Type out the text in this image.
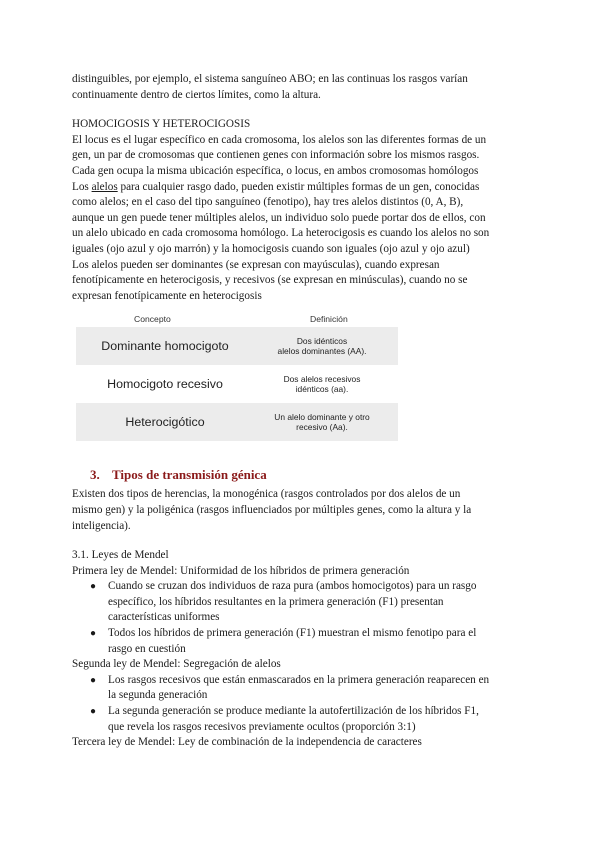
distinguibles, por ejemplo, el sistema sanguíneo ABO; en las continuas los rasgos varían

continuamente dentro de ciertos límites, como la altura.

HOMOCIGOSIS Y HETEROCIGOSIS

El locus es el lugar específico en cada cromosoma, los alelos son las diferentes formas de un

gen, un par de cromosomas que contienen genes con información sobre los mismos rasgos.

Cada gen ocupa la misma ubicación específica, o locus, en ambos cromosomas homólogos

Los alelos para cualquier rasgo dado, pueden existir múltiples formas de un gen, conocidas

como alelos; en el caso del tipo sanguíneo (fenotipo), hay tres alelos distintos (0, A, B),

aunque un gen puede tener múltiples alelos, un individuo solo puede portar dos de ellos, con

un alelo ubicado en cada cromosoma homólogo. La heterocigosis es cuando los alelos no son

iguales (ojo azul y ojo marrón) y la homocigosis cuando son iguales (ojo azul y ojo azul)

Los alelos pueden ser dominantes (se expresan con mayúsculas), cuando expresan

fenotípicamente en heterocigosis, y recesivos (se expresan en minúsculas), cuando no se

expresan fenotípicamente en heterocigosis

Concepto	Definición
Dominante homocigoto	Dos idénticos
alelos dominantes (AA).
Homocigoto recesivo	Dos alelos recesivos
idénticos (aa).
Heterocigótico	Un alelo dominante y otro
recesivo (Aa).
3. Tipos de transmisión génica

Existen dos tipos de herencias, la monogénica (rasgos controlados por dos alelos de un

mismo gen) y la poligénica (rasgos influenciados por múltiples genes, como la altura y la

inteligencia).

3.1. Leyes de Mendel

Primera ley de Mendel: Uniformidad de los híbridos de primera generación

● Cuando se cruzan dos individuos de raza pura (ambos homocigotos) para un rasgo
específico, los híbridos resultantes en la primera generación (F1) presentan
características uniformes
● Todos los híbridos de primera generación (F1) muestran el mismo fenotipo para el
rasgo en cuestión

Segunda ley de Mendel: Segregación de alelos

● Los rasgos recesivos que están enmascarados en la primera generación reaparecen en
la segunda generación
● La segunda generación se produce mediante la autofertilización de los híbridos F1,
que revela los rasgos recesivos previamente ocultos (proporción 3:1)

Tercera ley de Mendel: Ley de combinación de la independencia de caracteres
